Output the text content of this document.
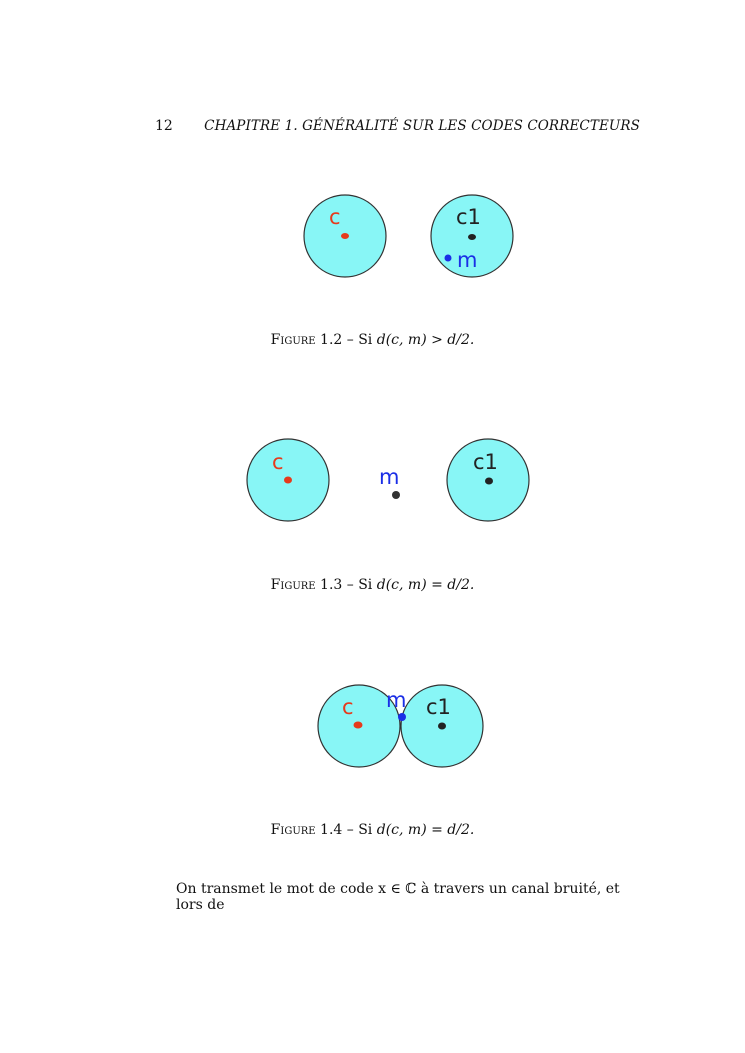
12 CHAPITRE 1. GÉNÉRALITÉ SUR LES CODES CORRECTEURS
c	c1
m
Figure 1.2 – Si d(c, m) > d/2.
c	c1
m
Figure 1.3 – Si d(c, m) = d/2.
c	c1
m
Figure 1.4 – Si d(c, m) = d/2.
On transmet le mot de code x ∈ ℂ à travers un canal bruité, et lors de
